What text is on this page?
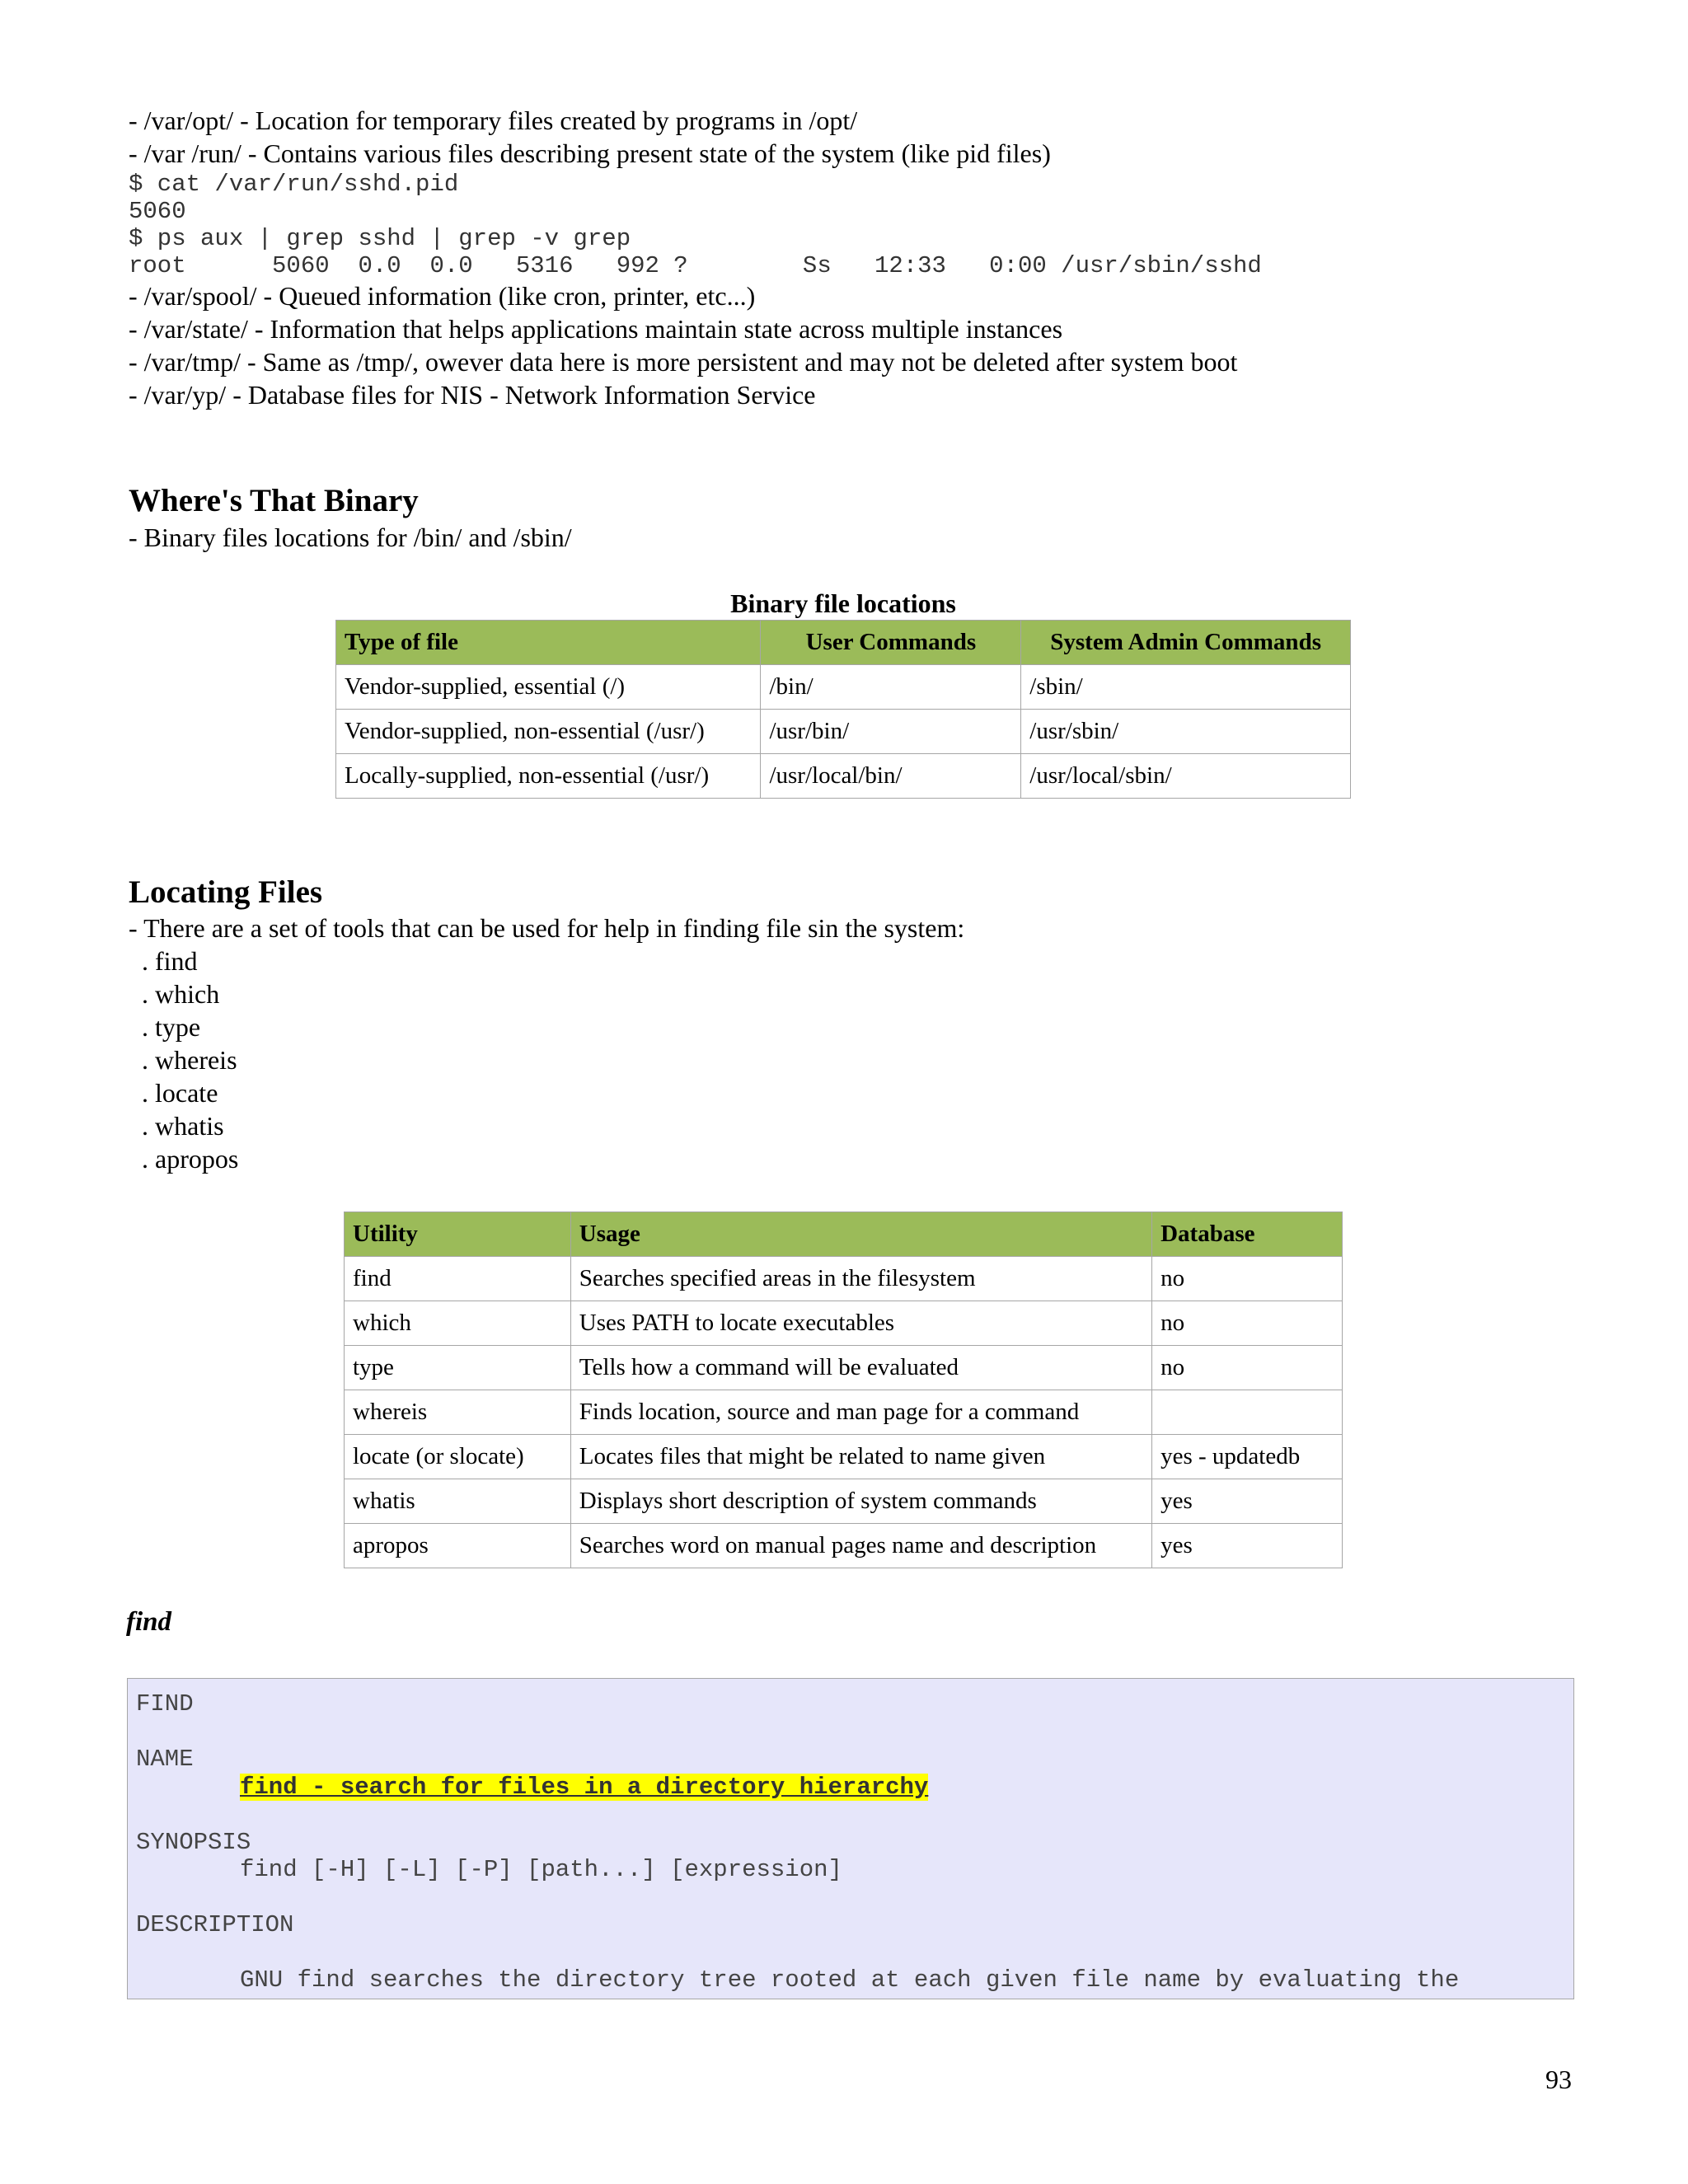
- /var/opt/ - Location for temporary files created by programs in /opt/

- /var /run/ - Contains various files describing present state of the system (like pid files)

$ cat /var/run/sshd.pid

5060

$ ps aux | grep sshd | grep -v grep

root      5060  0.0  0.0   5316   992 ?        Ss   12:33   0:00 /usr/sbin/sshd

- /var/spool/ - Queued information (like cron, printer, etc...)

- /var/state/ - Information that helps applications maintain state across multiple instances

- /var/tmp/ - Same as /tmp/, owever data here is more persistent and may not be deleted after system boot

- /var/yp/ - Database files for NIS - Network Information Service

Where's That Binary

- Binary files locations for /bin/ and /sbin/

Binary file locations
Type of file	User Commands	System Admin Commands
Vendor-supplied, essential (/)	/bin/	/sbin/
Vendor-supplied, non-essential (/usr/)	/usr/bin/	/usr/sbin/
Locally-supplied, non-essential (/usr/)	/usr/local/bin/	/usr/local/sbin/
Locating Files

- There are a set of tools that can be used for help in finding file sin the system:

. find

. which

. type

. whereis

. locate

. whatis

. apropos

Utility	Usage	Database
find	Searches specified areas in the filesystem	no
which	Uses PATH to locate executables	no
type	Tells how a command will be evaluated	no
whereis	Finds location, source and man page for a command	
locate (or slocate)	Locates files that might be related to name given	yes - updatedb
whatis	Displays short description of system commands	yes
apropos	Searches word on manual pages name and description	yes
find

FIND

NAME

find - search for files in a directory hierarchy

SYNOPSIS

find [-H] [-L] [-P] [path...] [expression]

DESCRIPTION

GNU find searches the directory tree rooted at each given file name by evaluating the

93
